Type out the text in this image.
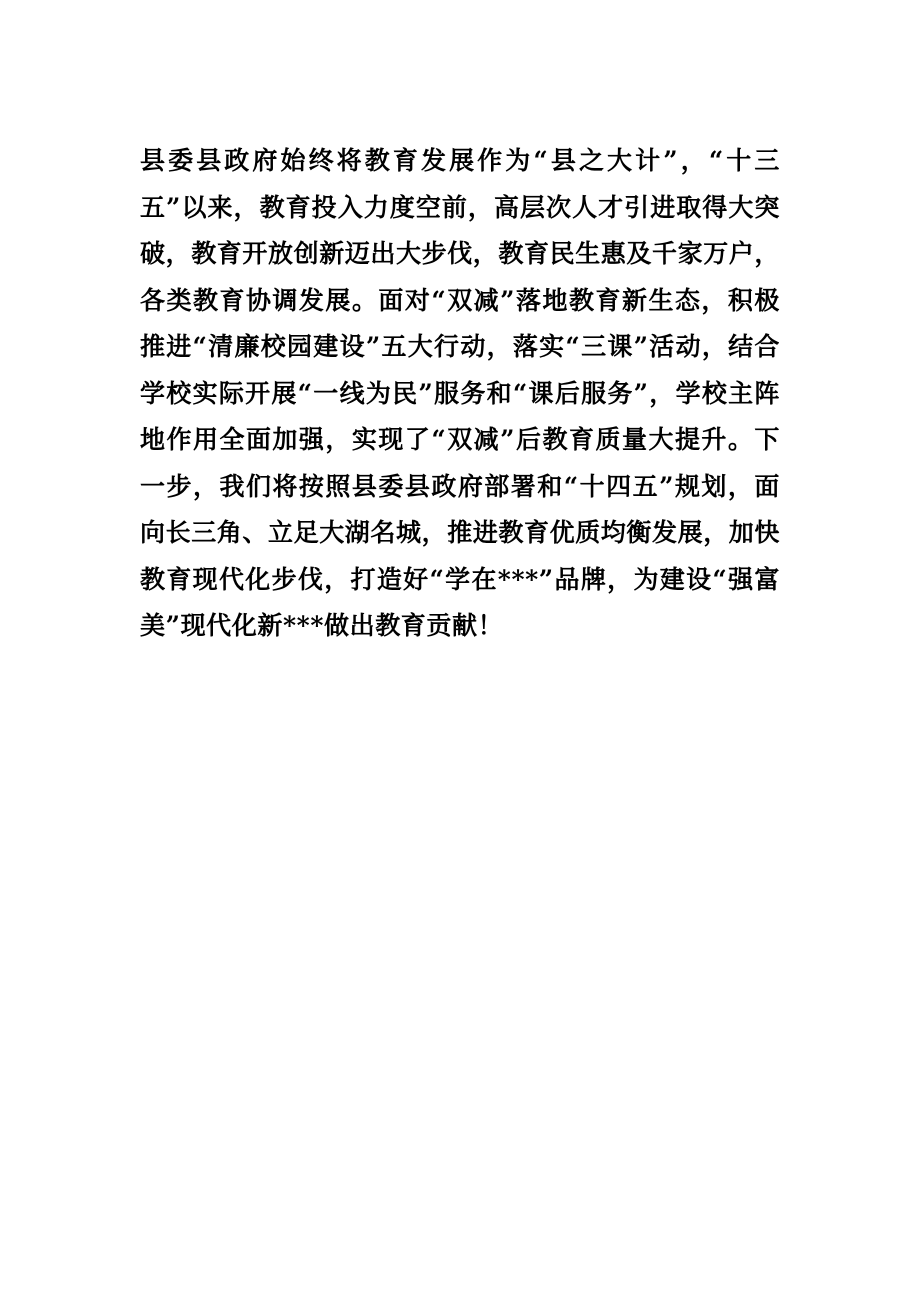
县委县政府始终将教育发展作为“县之大计”，“十三五”以来，教育投入力度空前，高层次人才引进取得大突破，教育开放创新迈出大步伐，教育民生惠及千家万户，各类教育协调发展。面对“双减”落地教育新生态，积极推进“清廉校园建设”五大行动，落实“三课”活动，结合学校实际开展“一线为民”服务和“课后服务”，学校主阵地作用全面加强，实现了“双减”后教育质量大提升。下一步，我们将按照县委县政府部署和“十四五”规划，面向长三角、立足大湖名城，推进教育优质均衡发展，加快教育现代化步伐，打造好“学在***”品牌，为建设“强富美”现代化新***做出教育贡献！
